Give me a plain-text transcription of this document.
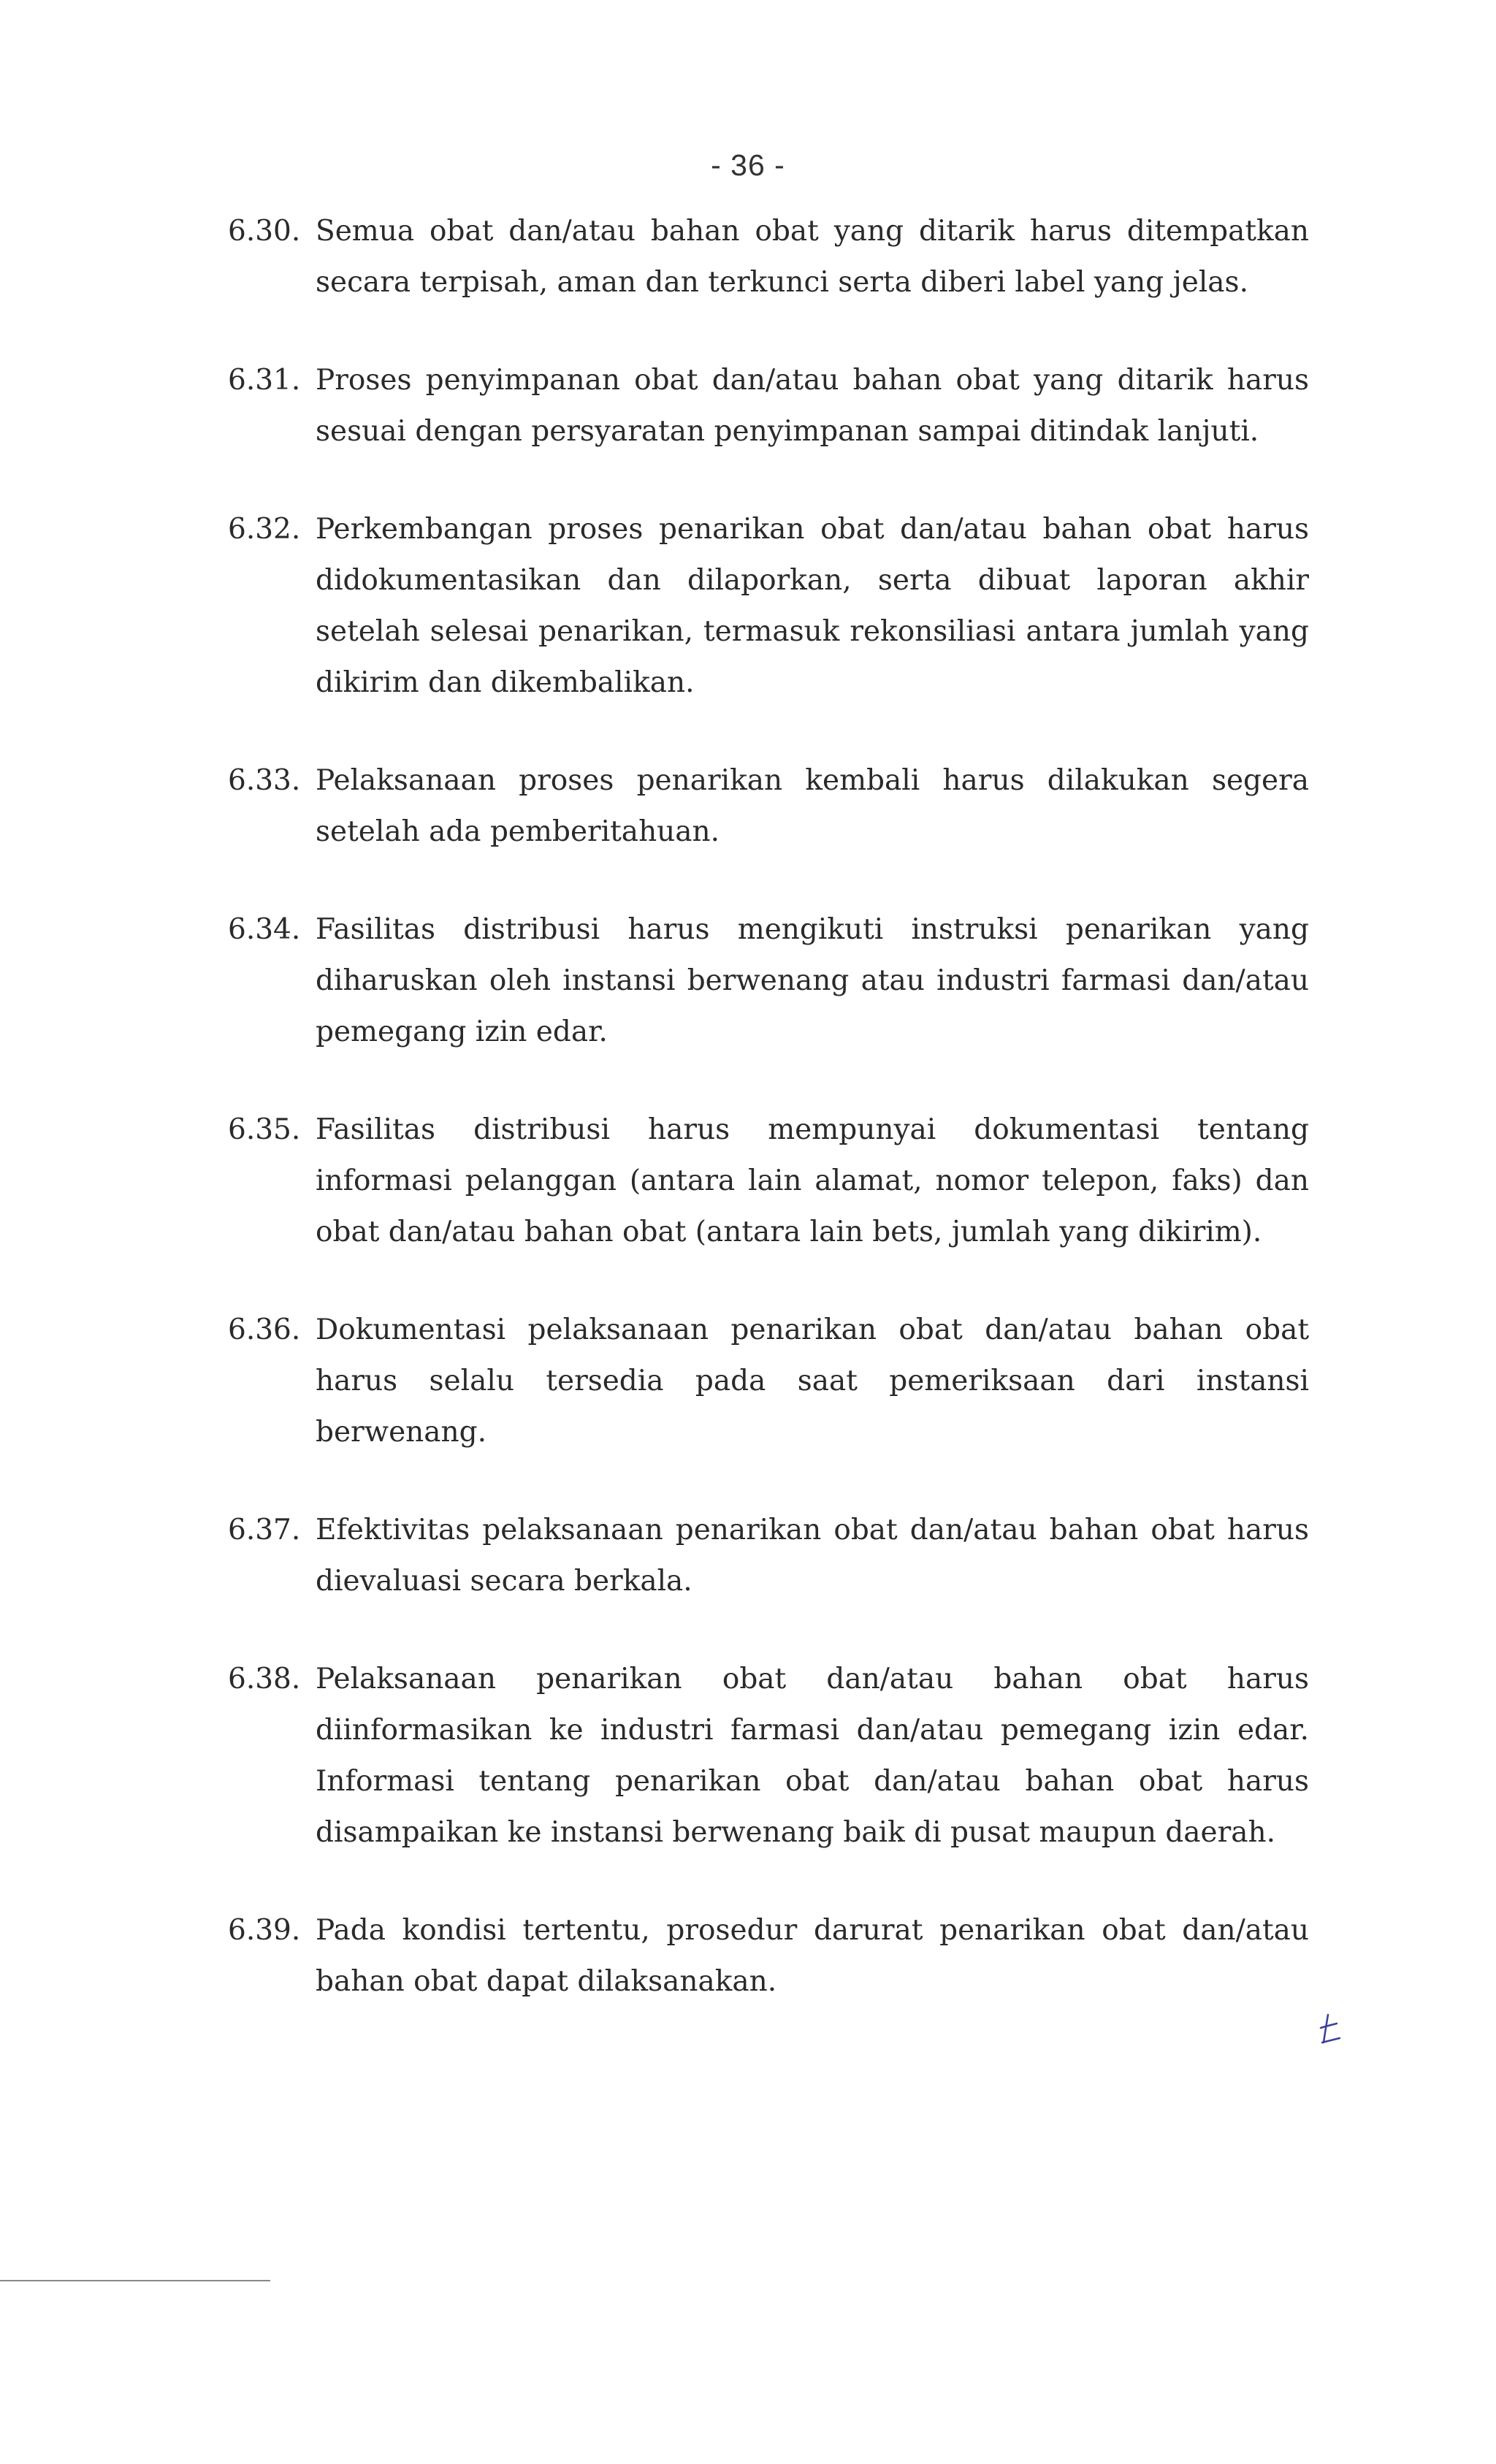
- 36 -
6.30. Semua obat dan/atau bahan obat yang ditarik harus ditempatkan secara terpisah, aman dan terkunci serta diberi label yang jelas.
6.31. Proses penyimpanan obat dan/atau bahan obat yang ditarik harus sesuai dengan persyaratan penyimpanan sampai ditindak lanjuti.
6.32. Perkembangan proses penarikan obat dan/atau bahan obat harus didokumentasikan dan dilaporkan, serta dibuat laporan akhir setelah selesai penarikan, termasuk rekonsiliasi antara jumlah yang dikirim dan dikembalikan.
6.33. Pelaksanaan proses penarikan kembali harus dilakukan segera setelah ada pemberitahuan.
6.34. Fasilitas distribusi harus mengikuti instruksi penarikan yang diharuskan oleh instansi berwenang atau industri farmasi dan/atau pemegang izin edar.
6.35. Fasilitas distribusi harus mempunyai dokumentasi tentang informasi pelanggan (antara lain alamat, nomor telepon, faks) dan obat dan/atau bahan obat (antara lain bets, jumlah yang dikirim).
6.36. Dokumentasi pelaksanaan penarikan obat dan/atau bahan obat harus selalu tersedia pada saat pemeriksaan dari instansi berwenang.
6.37. Efektivitas pelaksanaan penarikan obat dan/atau bahan obat harus dievaluasi secara berkala.
6.38. Pelaksanaan penarikan obat dan/atau bahan obat harus diinformasikan ke industri farmasi dan/atau pemegang izin edar. Informasi tentang penarikan obat dan/atau bahan obat harus disampaikan ke instansi berwenang baik di pusat maupun daerah.
6.39. Pada kondisi tertentu, prosedur darurat penarikan obat dan/atau bahan obat dapat dilaksanakan.
